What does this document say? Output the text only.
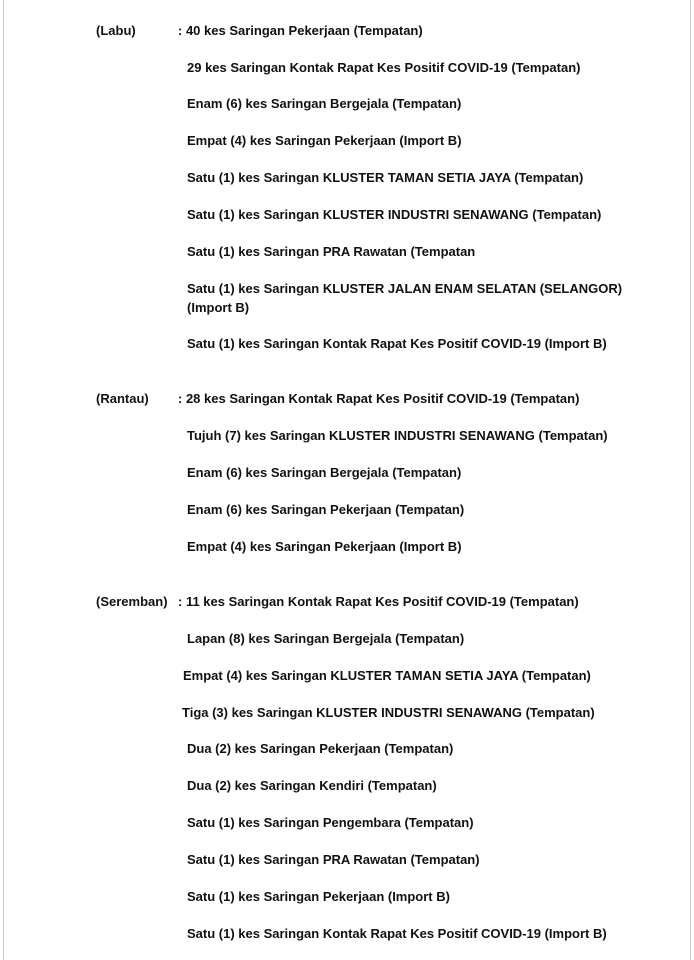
(Labu)	: 40 kes Saringan Pekerjaan (Tempatan)
29 kes Saringan Kontak Rapat Kes Positif COVID-19 (Tempatan)
Enam (6) kes Saringan Bergejala (Tempatan)
Empat (4) kes Saringan Pekerjaan (Import B)
Satu (1) kes Saringan KLUSTER TAMAN SETIA JAYA (Tempatan)
Satu (1) kes Saringan KLUSTER INDUSTRI SENAWANG (Tempatan)
Satu (1) kes Saringan PRA Rawatan (Tempatan
Satu (1) kes Saringan KLUSTER JALAN ENAM SELATAN (SELANGOR)
(Import B)
Satu (1) kes Saringan Kontak Rapat Kes Positif COVID-19 (Import B)
(Rantau) : 28 kes Saringan Kontak Rapat Kes Positif COVID-19 (Tempatan)
Tujuh (7) kes Saringan KLUSTER INDUSTRI SENAWANG (Tempatan)
Enam (6) kes Saringan Bergejala (Tempatan)
Enam (6) kes Saringan Pekerjaan (Tempatan)
Empat (4) kes Saringan Pekerjaan (Import B)
(Seremban) : 11 kes Saringan Kontak Rapat Kes Positif COVID-19 (Tempatan)
Lapan (8) kes Saringan Bergejala (Tempatan)
Empat (4) kes Saringan KLUSTER TAMAN SETIA JAYA (Tempatan)
Tiga (3) kes Saringan KLUSTER INDUSTRI SENAWANG (Tempatan)
Dua (2) kes Saringan Pekerjaan (Tempatan)
Dua (2) kes Saringan Kendiri (Tempatan)
Satu (1) kes Saringan Pengembara (Tempatan)
Satu (1) kes Saringan PRA Rawatan (Tempatan)
Satu (1) kes Saringan Pekerjaan (Import B)
Satu (1) kes Saringan Kontak Rapat Kes Positif COVID-19 (Import B)
